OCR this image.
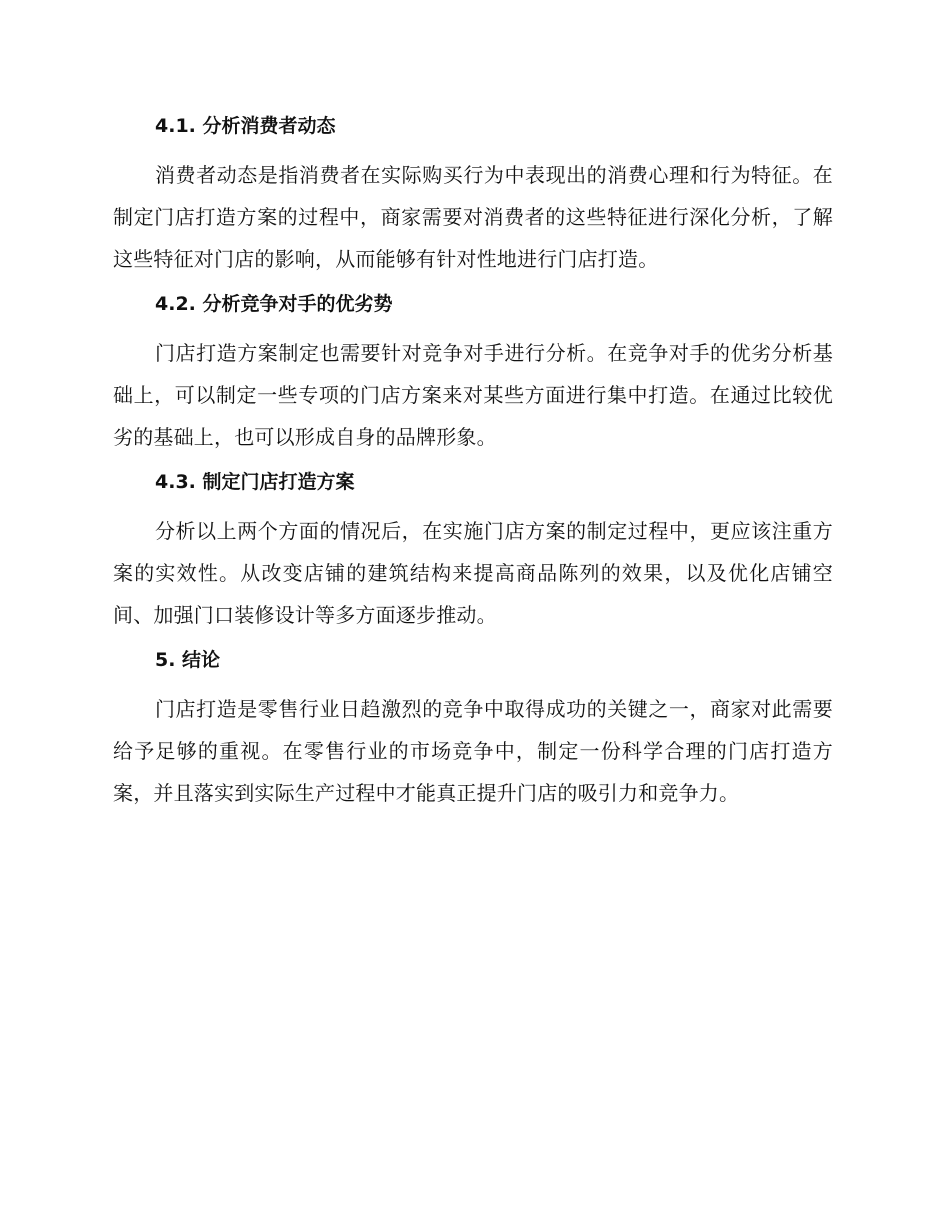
4.1. 分析消费者动态

消费者动态是指消费者在实际购买行为中表现出的消费心理和行为特征。在制定门店打造方案的过程中，商家需要对消费者的这些特征进行深化分析，了解这些特征对门店的影响，从而能够有针对性地进行门店打造。

4.2. 分析竞争对手的优劣势

门店打造方案制定也需要针对竞争对手进行分析。在竞争对手的优劣分析基础上，可以制定一些专项的门店方案来对某些方面进行集中打造。在通过比较优劣的基础上，也可以形成自身的品牌形象。

4.3. 制定门店打造方案

分析以上两个方面的情况后，在实施门店方案的制定过程中，更应该注重方案的实效性。从改变店铺的建筑结构来提高商品陈列的效果，以及优化店铺空间、加强门口装修设计等多方面逐步推动。

5. 结论

门店打造是零售行业日趋激烈的竞争中取得成功的关键之一，商家对此需要给予足够的重视。在零售行业的市场竞争中，制定一份科学合理的门店打造方案，并且落实到实际生产过程中才能真正提升门店的吸引力和竞争力。
